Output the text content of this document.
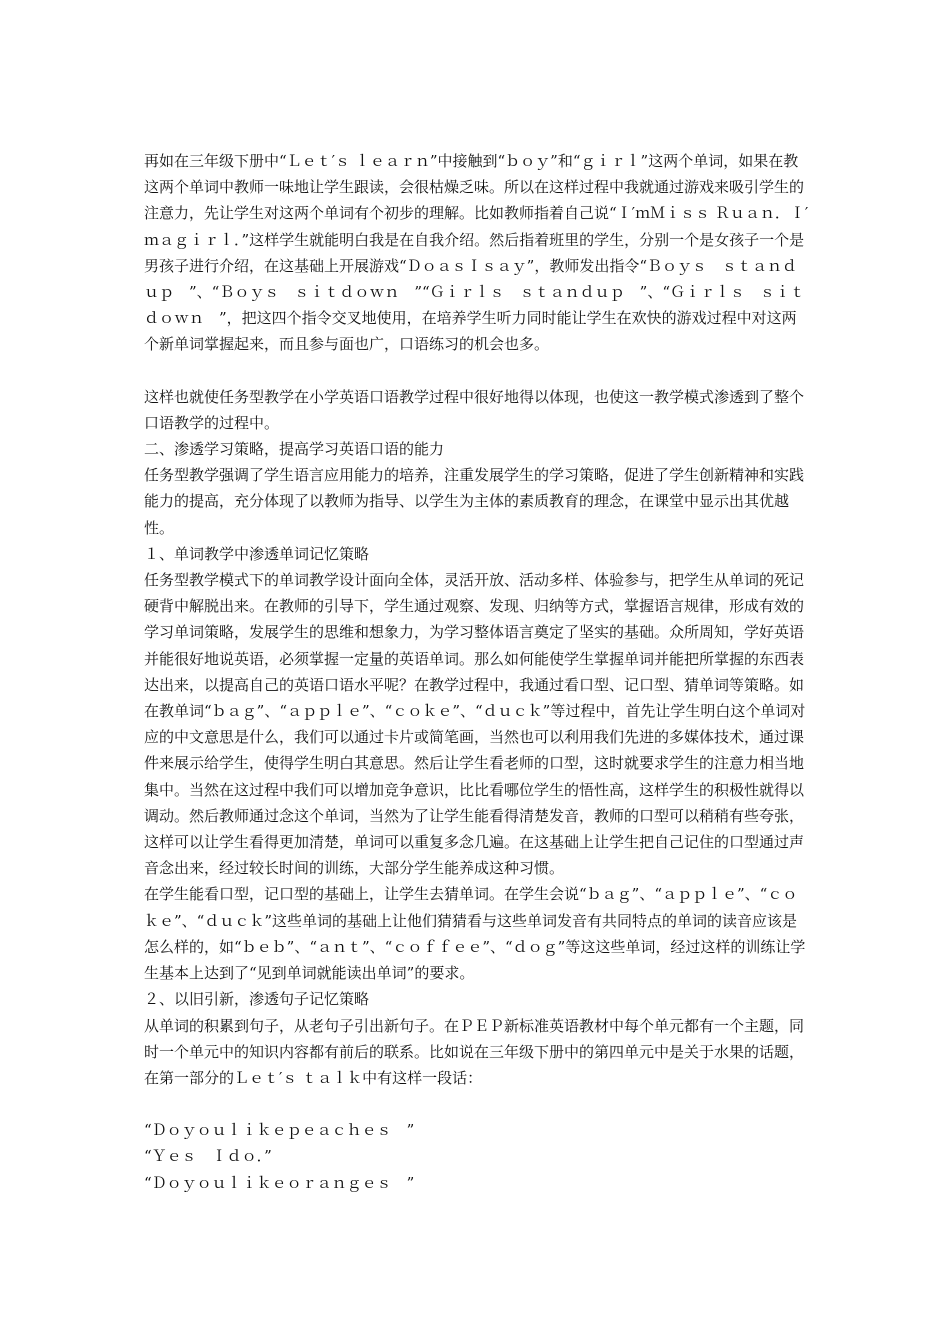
再如在三年级下册中“Ｌｅｔ′ｓ ｌｅａｒｎ”中接触到“ｂｏｙ”和“ｇｉｒｌ”这两个单词，如果在教这两个单词中教师一味地让学生跟读，会很枯燥乏味。所以在这样过程中我就通过游戏来吸引学生的注意力，先让学生对这两个单词有个初步的理解。比如教师指着自己说“Ｉ′ｍＭｉｓｓ Ｒｕａｎ．Ｉ′ｍａｇｉｒｌ．”这样学生就能明白我是在自我介绍。然后指着班里的学生，分别一个是女孩子一个是男孩子进行介绍，在这基础上开展游戏“ＤｏａｓＩｓａｙ”，教师发出指令“Ｂｏｙｓ　ｓｔａｎｄｕｐ　”、“Ｂｏｙｓ　ｓｉｔｄｏｗｎ　”“Ｇｉｒｌｓ　ｓｔａｎｄｕｐ　”、“Ｇｉｒｌｓ　ｓｉｔｄｏｗｎ　”，把这四个指令交叉地使用，在培养学生听力同时能让学生在欢快的游戏过程中对这两个新单词掌握起来，而且参与面也广，口语练习的机会也多。

这样也就使任务型教学在小学英语口语教学过程中很好地得以体现，也使这一教学模式渗透到了整个口语教学的过程中。

二、渗透学习策略，提高学习英语口语的能力

任务型教学强调了学生语言应用能力的培养，注重发展学生的学习策略，促进了学生创新精神和实践能力的提高，充分体现了以教师为指导、以学生为主体的素质教育的理念，在课堂中显示出其优越性。

１、单词教学中渗透单词记忆策略

任务型教学模式下的单词教学设计面向全体，灵活开放、活动多样、体验参与，把学生从单词的死记硬背中解脱出来。在教师的引导下，学生通过观察、发现、归纳等方式，掌握语言规律，形成有效的学习单词策略，发展学生的思维和想象力，为学习整体语言奠定了坚实的基础。众所周知，学好英语并能很好地说英语，必须掌握一定量的英语单词。那么如何能使学生掌握单词并能把所掌握的东西表达出来，以提高自己的英语口语水平呢？在教学过程中，我通过看口型、记口型、猜单词等策略。如在教单词“ｂａｇ”、“ａｐｐｌｅ”、“ｃｏｋｅ”、“ｄｕｃｋ”等过程中，首先让学生明白这个单词对应的中文意思是什么，我们可以通过卡片或简笔画，当然也可以利用我们先进的多媒体技术，通过课件来展示给学生，使得学生明白其意思。然后让学生看老师的口型，这时就要求学生的注意力相当地集中。当然在这过程中我们可以增加竞争意识，比比看哪位学生的悟性高，这样学生的积极性就得以调动。然后教师通过念这个单词，当然为了让学生能看得清楚发音，教师的口型可以稍稍有些夸张，这样可以让学生看得更加清楚，单词可以重复多念几遍。在这基础上让学生把自己记住的口型通过声音念出来，经过较长时间的训练，大部分学生能养成这种习惯。

在学生能看口型，记口型的基础上，让学生去猜单词。在学生会说“ｂａｇ”、“ａｐｐｌｅ”、“ｃｏｋｅ”、“ｄｕｃｋ”这些单词的基础上让他们猜猜看与这些单词发音有共同特点的单词的读音应该是怎么样的，如“ｂｅｂ”、“ａｎｔ”、“ｃｏｆｆｅｅ”、“ｄｏｇ”等这这些单词，经过这样的训练让学生基本上达到了“见到单词就能读出单词”的要求。

２、以旧引新，渗透句子记忆策略

从单词的积累到句子，从老句子引出新句子。在ＰＥＰ新标准英语教材中每个单元都有一个主题，同时一个单元中的知识内容都有前后的联系。比如说在三年级下册中的第四单元中是关于水果的话题，在第一部分的Ｌｅｔ′ｓ ｔａｌｋ中有这样一段话：

“Ｄｏｙｏｕｌｉｋｅｐｅａｃｈｅｓ　”

“Ｙｅｓ　Ｉｄｏ．”

“Ｄｏｙｏｕｌｉｋｅｏｒａｎｇｅｓ　”
